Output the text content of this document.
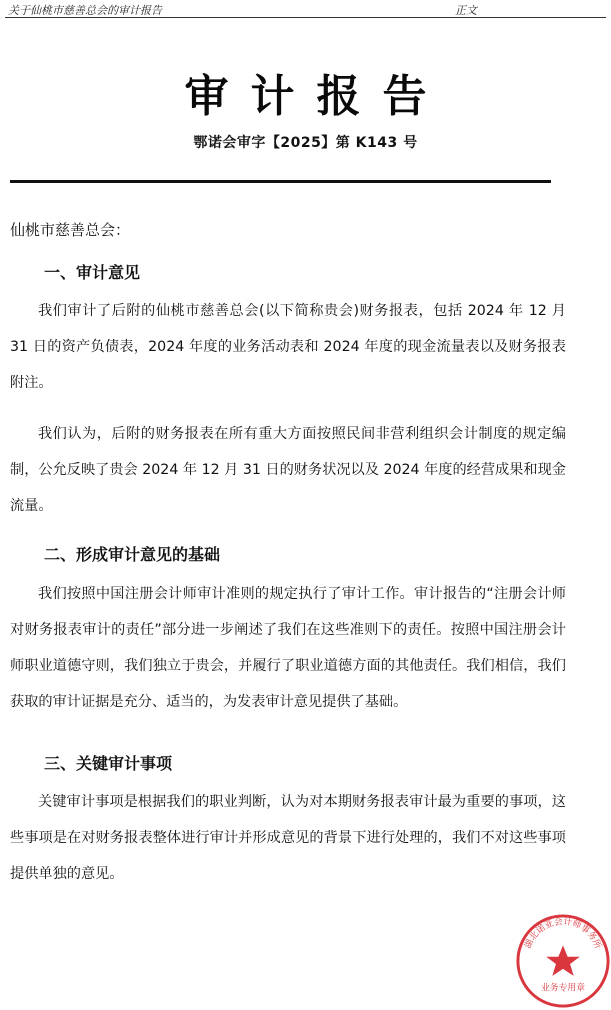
关于仙桃市慈善总会的审计报告	正文
审计报告
鄂诺会审字【2025】第 K143 号
仙桃市慈善总会：
一、审计意见
我们审计了后附的仙桃市慈善总会(以下简称贵会)财务报表，包括 2024 年 12 月 31 日的资产负债表，2024 年度的业务活动表和 2024 年度的现金流量表以及财务报表附注。
我们认为，后附的财务报表在所有重大方面按照民间非营利组织会计制度的规定编制，公允反映了贵会 2024 年 12 月 31 日的财务状况以及 2024 年度的经营成果和现金流量。
二、形成审计意见的基础
我们按照中国注册会计师审计准则的规定执行了审计工作。审计报告的“注册会计师对财务报表审计的责任”部分进一步阐述了我们在这些准则下的责任。按照中国注册会计师职业道德守则，我们独立于贵会，并履行了职业道德方面的其他责任。我们相信，我们获取的审计证据是充分、适当的，为发表审计意见提供了基础。
三、关键审计事项
关键审计事项是根据我们的职业判断，认为对本期财务报表审计最为重要的事项，这些事项是在对财务报表整体进行审计并形成意见的背景下进行处理的，我们不对这些事项提供单独的意见。
湖北诺亚会计师事务所
业务专用章
